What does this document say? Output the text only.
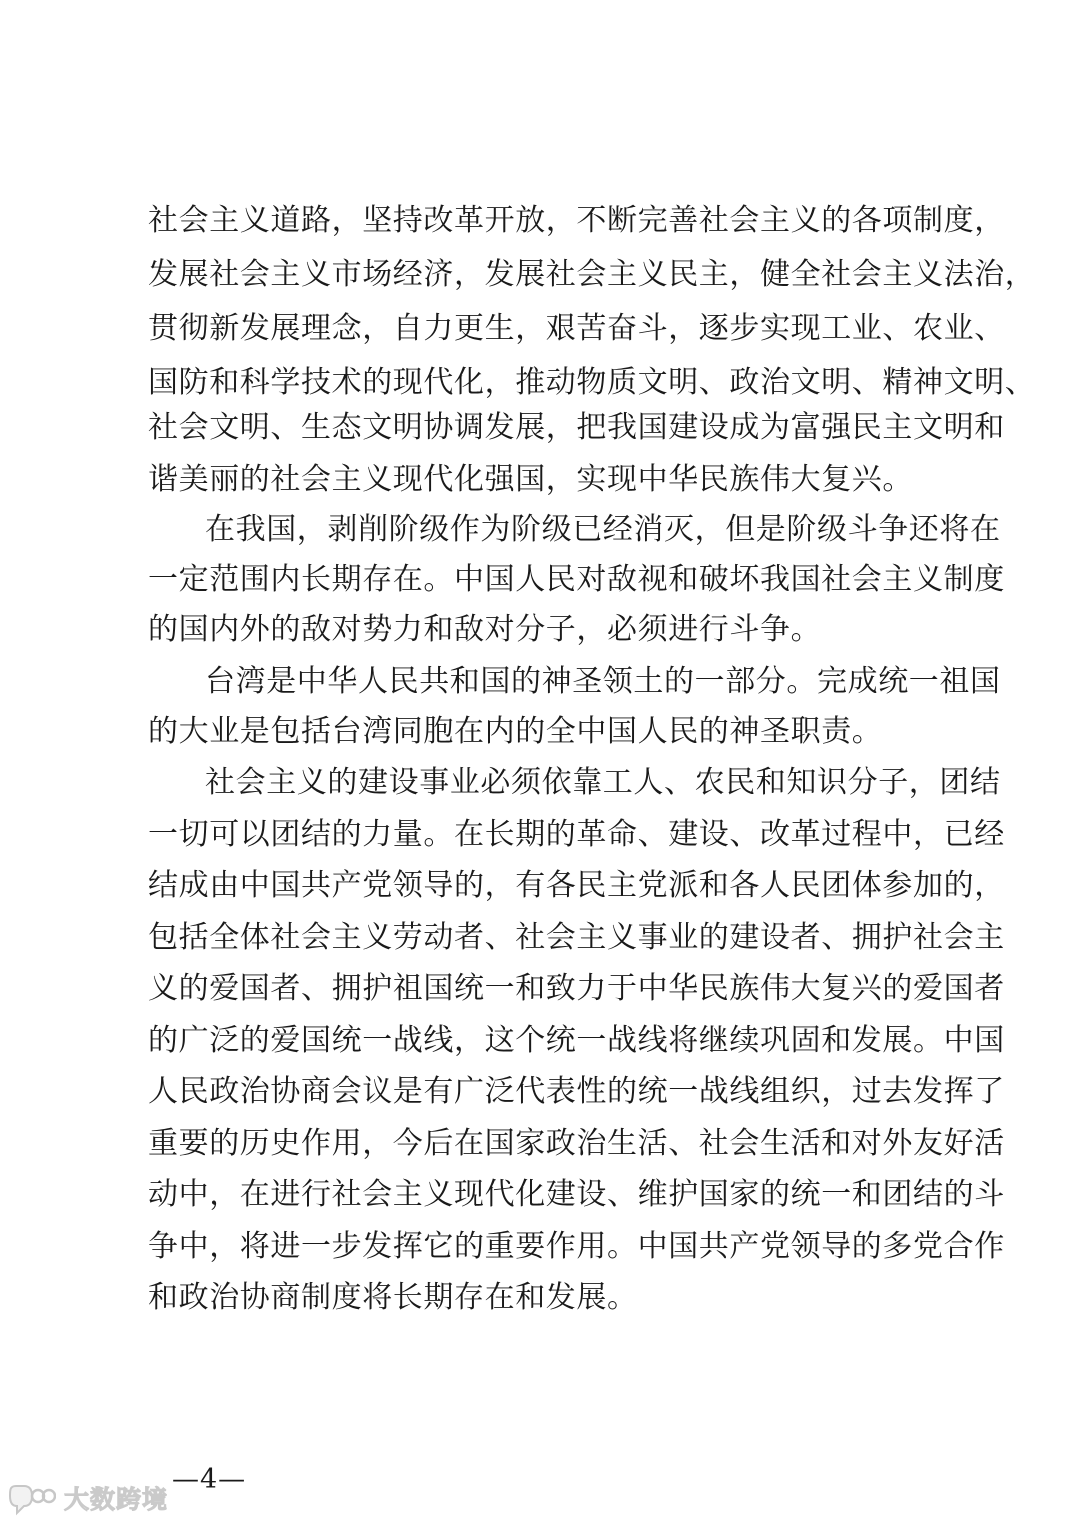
社会主义道路，坚持改革开放，不断完善社会主义的各项制度，
发展社会主义市场经济，发展社会主义民主，健全社会主义法治，
贯彻新发展理念，自力更生，艰苦奋斗，逐步实现工业、农业、
国防和科学技术的现代化，推动物质文明、政治文明、精神文明、
社会文明、生态文明协调发展，把我国建设成为富强民主文明和
谐美丽的社会主义现代化强国，实现中华民族伟大复兴。
在我国，剥削阶级作为阶级已经消灭，但是阶级斗争还将在
一定范围内长期存在。中国人民对敌视和破坏我国社会主义制度
的国内外的敌对势力和敌对分子，必须进行斗争。
台湾是中华人民共和国的神圣领土的一部分。完成统一祖国
的大业是包括台湾同胞在内的全中国人民的神圣职责。
社会主义的建设事业必须依靠工人、农民和知识分子，团结
一切可以团结的力量。在长期的革命、建设、改革过程中，已经
结成由中国共产党领导的，有各民主党派和各人民团体参加的，
包括全体社会主义劳动者、社会主义事业的建设者、拥护社会主
义的爱国者、拥护祖国统一和致力于中华民族伟大复兴的爱国者
的广泛的爱国统一战线，这个统一战线将继续巩固和发展。中国
人民政治协商会议是有广泛代表性的统一战线组织，过去发挥了
重要的历史作用，今后在国家政治生活、社会生活和对外友好活
动中，在进行社会主义现代化建设、维护国家的统一和团结的斗
争中，将进一步发挥它的重要作用。中国共产党领导的多党合作
和政治协商制度将长期存在和发展。
—4—
大数跨境
